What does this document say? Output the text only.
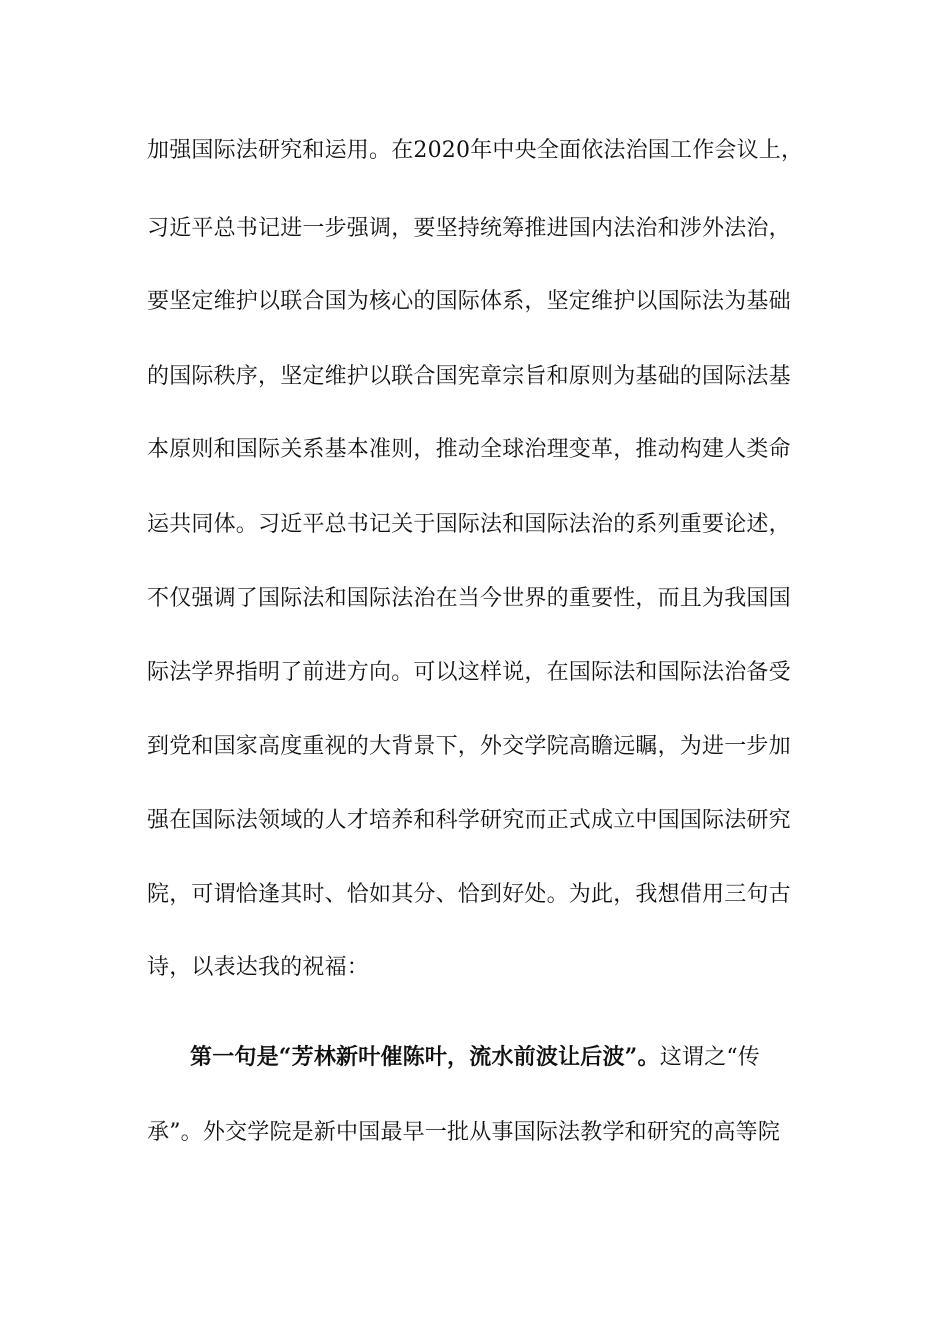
加强国际法研究和运用。在2020年中央全面依法治国工作会议上，
习近平总书记进一步强调，要坚持统筹推进国内法治和涉外法治，
要坚定维护以联合国为核心的国际体系，坚定维护以国际法为基础
的国际秩序，坚定维护以联合国宪章宗旨和原则为基础的国际法基
本原则和国际关系基本准则，推动全球治理变革，推动构建人类命
运共同体。习近平总书记关于国际法和国际法治的系列重要论述，
不仅强调了国际法和国际法治在当今世界的重要性，而且为我国国
际法学界指明了前进方向。可以这样说，在国际法和国际法治备受
到党和国家高度重视的大背景下，外交学院高瞻远瞩，为进一步加
强在国际法领域的人才培养和科学研究而正式成立中国国际法研究
院，可谓恰逢其时、恰如其分、恰到好处。为此，我想借用三句古
诗，以表达我的祝福：
第一句是“芳林新叶催陈叶，流水前波让后波”。这谓之“传
承”。外交学院是新中国最早一批从事国际法教学和研究的高等院
